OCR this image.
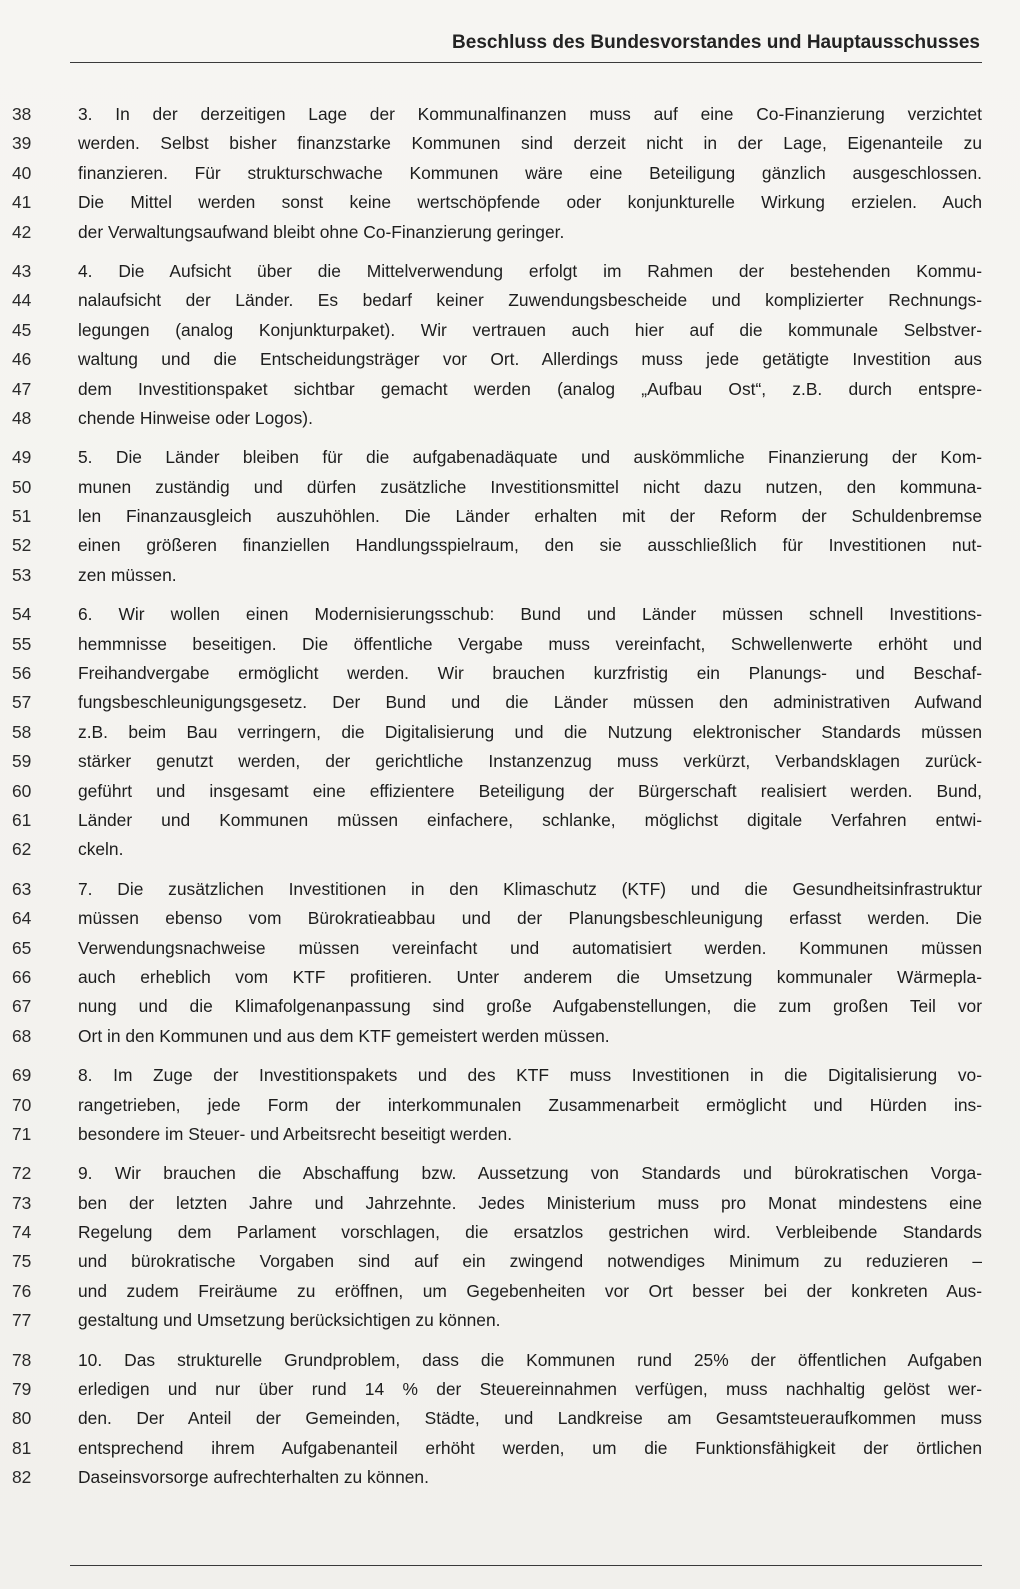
Beschluss des Bundesvorstandes und Hauptausschusses
38	3. In der derzeitigen Lage der Kommunalfinanzen muss auf eine Co-Finanzierung verzichtet
39	werden. Selbst bisher finanzstarke Kommunen sind derzeit nicht in der Lage, Eigenanteile zu
40	finanzieren. Für strukturschwache Kommunen wäre eine Beteiligung gänzlich ausgeschlossen.
41	Die Mittel werden sonst keine wertschöpfende oder konjunkturelle Wirkung erzielen. Auch
42	der Verwaltungsaufwand bleibt ohne Co-Finanzierung geringer.
43	4. Die Aufsicht über die Mittelverwendung erfolgt im Rahmen der bestehenden Kommu-
44	nalaufsicht der Länder. Es bedarf keiner Zuwendungsbescheide und komplizierter Rechnungs-
45	legungen (analog Konjunkturpaket). Wir vertrauen auch hier auf die kommunale Selbstver-
46	waltung und die Entscheidungsträger vor Ort. Allerdings muss jede getätigte Investition aus
47	dem Investitionspaket sichtbar gemacht werden (analog „Aufbau Ost“, z.B. durch entspre-
48	chende Hinweise oder Logos).
49	5. Die Länder bleiben für die aufgabenadäquate und auskömmliche Finanzierung der Kom-
50	munen zuständig und dürfen zusätzliche Investitionsmittel nicht dazu nutzen, den kommuna-
51	len Finanzausgleich auszuhöhlen. Die Länder erhalten mit der Reform der Schuldenbremse
52	einen größeren finanziellen Handlungsspielraum, den sie ausschließlich für Investitionen nut-
53	zen müssen.
54	6. Wir wollen einen Modernisierungsschub: Bund und Länder müssen schnell Investitions-
55	hemmnisse beseitigen. Die öffentliche Vergabe muss vereinfacht, Schwellenwerte erhöht und
56	Freihandvergabe ermöglicht werden. Wir brauchen kurzfristig ein Planungs- und Beschaf-
57	fungsbeschleunigungsgesetz. Der Bund und die Länder müssen den administrativen Aufwand
58	z.B. beim Bau verringern, die Digitalisierung und die Nutzung elektronischer Standards müssen
59	stärker genutzt werden, der gerichtliche Instanzenzug muss verkürzt, Verbandsklagen zurück-
60	geführt und insgesamt eine effizientere Beteiligung der Bürgerschaft realisiert werden. Bund,
61	Länder und Kommunen müssen einfachere, schlanke, möglichst digitale Verfahren entwi-
62	ckeln.
63	7. Die zusätzlichen Investitionen in den Klimaschutz (KTF) und die Gesundheitsinfrastruktur
64	müssen ebenso vom Bürokratieabbau und der Planungsbeschleunigung erfasst werden. Die
65	Verwendungsnachweise müssen vereinfacht und automatisiert werden. Kommunen müssen
66	auch erheblich vom KTF profitieren. Unter anderem die Umsetzung kommunaler Wärmepla-
67	nung und die Klimafolgenanpassung sind große Aufgabenstellungen, die zum großen Teil vor
68	Ort in den Kommunen und aus dem KTF gemeistert werden müssen.
69	8. Im Zuge der Investitionspakets und des KTF muss Investitionen in die Digitalisierung vo-
70	rangetrieben, jede Form der interkommunalen Zusammenarbeit ermöglicht und Hürden ins-
71	besondere im Steuer- und Arbeitsrecht beseitigt werden.
72	9. Wir brauchen die Abschaffung bzw. Aussetzung von Standards und bürokratischen Vorga-
73	ben der letzten Jahre und Jahrzehnte. Jedes Ministerium muss pro Monat mindestens eine
74	Regelung dem Parlament vorschlagen, die ersatzlos gestrichen wird. Verbleibende Standards
75	und bürokratische Vorgaben sind auf ein zwingend notwendiges Minimum zu reduzieren –
76	und zudem Freiräume zu eröffnen, um Gegebenheiten vor Ort besser bei der konkreten Aus-
77	gestaltung und Umsetzung berücksichtigen zu können.
78	10. Das strukturelle Grundproblem, dass die Kommunen rund 25% der öffentlichen Aufgaben
79	erledigen und nur über rund 14 % der Steuereinnahmen verfügen, muss nachhaltig gelöst wer-
80	den. Der Anteil der Gemeinden, Städte, und Landkreise am Gesamtsteueraufkommen muss
81	entsprechend ihrem Aufgabenanteil erhöht werden, um die Funktionsfähigkeit der örtlichen
82	Daseinsvorsorge aufrechterhalten zu können.
